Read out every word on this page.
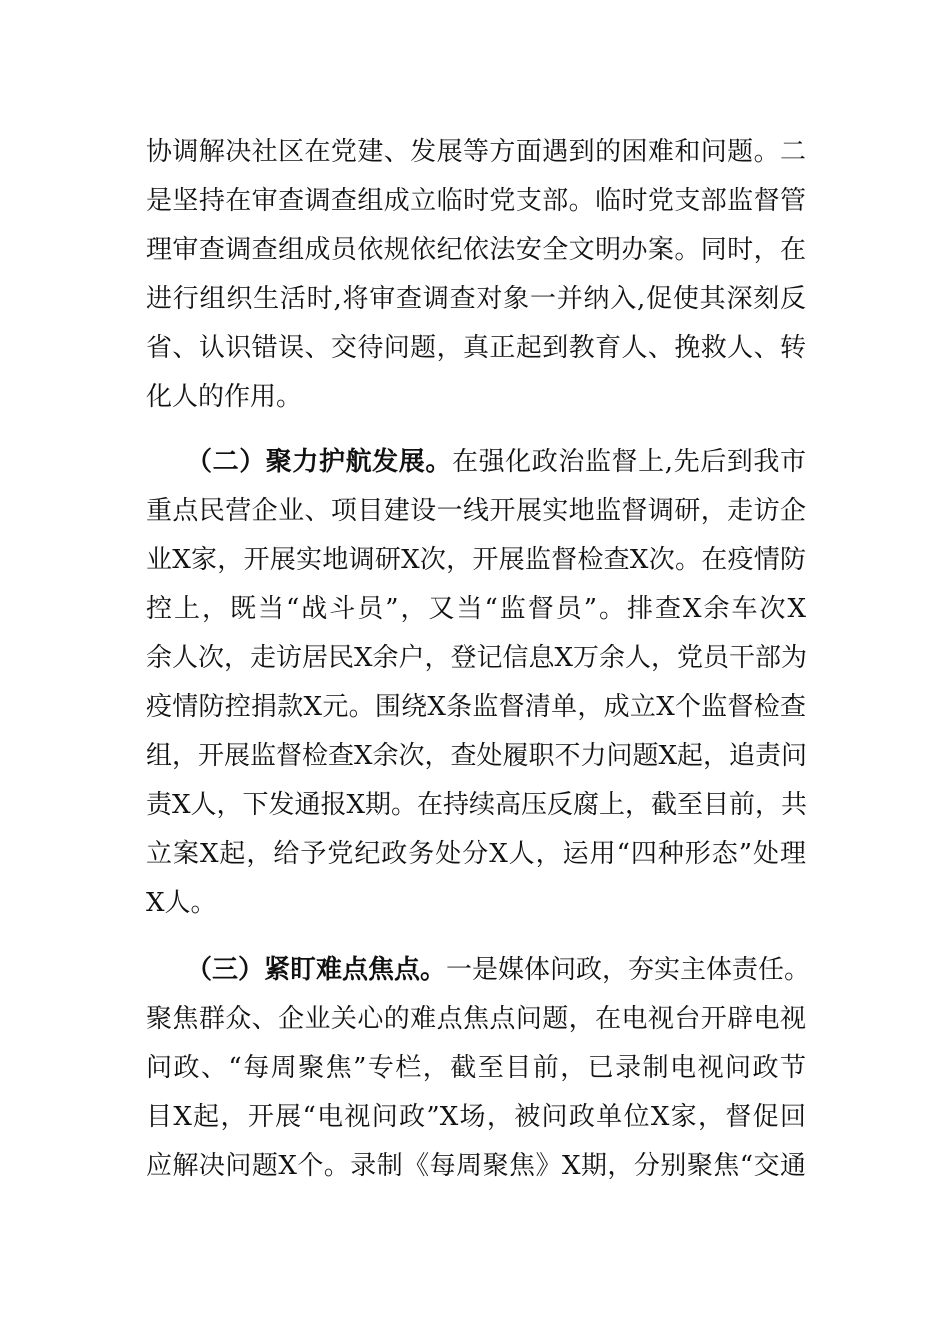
协调解决社区在党建、发展等方面遇到的困难和问题。二
是坚持在审查调查组成立临时党支部。临时党支部监督管
理审查调查组成员依规依纪依法安全文明办案。同时，在
进行组织生活时,将审查调查对象一并纳入,促使其深刻反
省、认识错误、交待问题，真正起到教育人、挽救人、转
化人的作用。
（二）聚力护航发展。在强化政治监督上,先后到我市
重点民营企业、项目建设一线开展实地监督调研，走访企
业X家，开展实地调研X次，开展监督检查X次。在疫情防
控上，既当“战斗员”，又当“监督员”。排查X余车次X
余人次，走访居民X余户，登记信息X万余人，党员干部为
疫情防控捐款X元。围绕X条监督清单，成立X个监督检查
组，开展监督检查X余次，查处履职不力问题X起，追责问
责X人，下发通报X期。在持续高压反腐上，截至目前，共
立案X起，给予党纪政务处分X人，运用“四种形态”处理
X人。
（三）紧盯难点焦点。一是媒体问政，夯实主体责任。
聚焦群众、企业关心的难点焦点问题，在电视台开辟电视
问政、“每周聚焦”专栏，截至目前，已录制电视问政节
目X起，开展“电视问政”X场，被问政单位X家，督促回
应解决问题X个。录制《每周聚焦》X期，分别聚焦“交通
